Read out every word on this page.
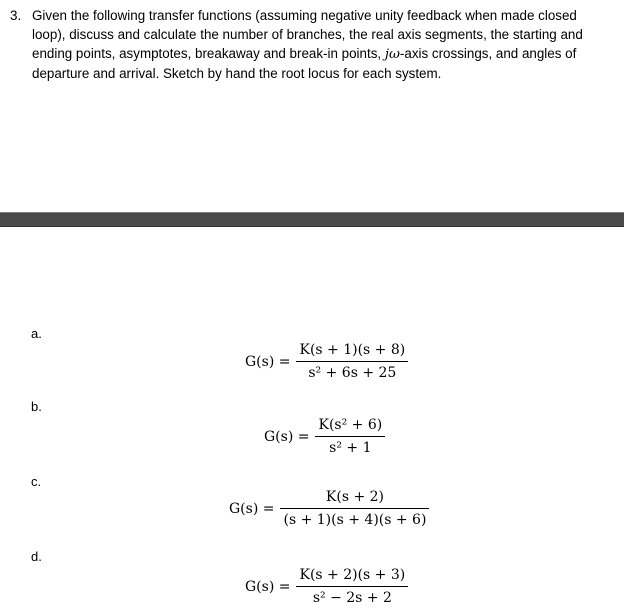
3. Given the following transfer functions (assuming negative unity feedback when made closed loop), discuss and calculate the number of branches, the real axis segments, the starting and ending points, asymptotes, breakaway and break-in points, jω-axis crossings, and angles of departure and arrival. Sketch by hand the root locus for each system.
a.
$G(s) = \frac{K(s + 1)(s + 8)}{\text{s² + 6s + 25}}$
b.
$G(s) = \frac{\text{K(s² + 6)}}{\text{s² + 1}}$
c.
$G(s) = \frac{K(s + 2)}{(s + 1)(s + 4)(s + 6)}$
d.
$G(s) = \frac{K(s + 2)(s + 3)}{\text{s² − 2s + 2}}$
